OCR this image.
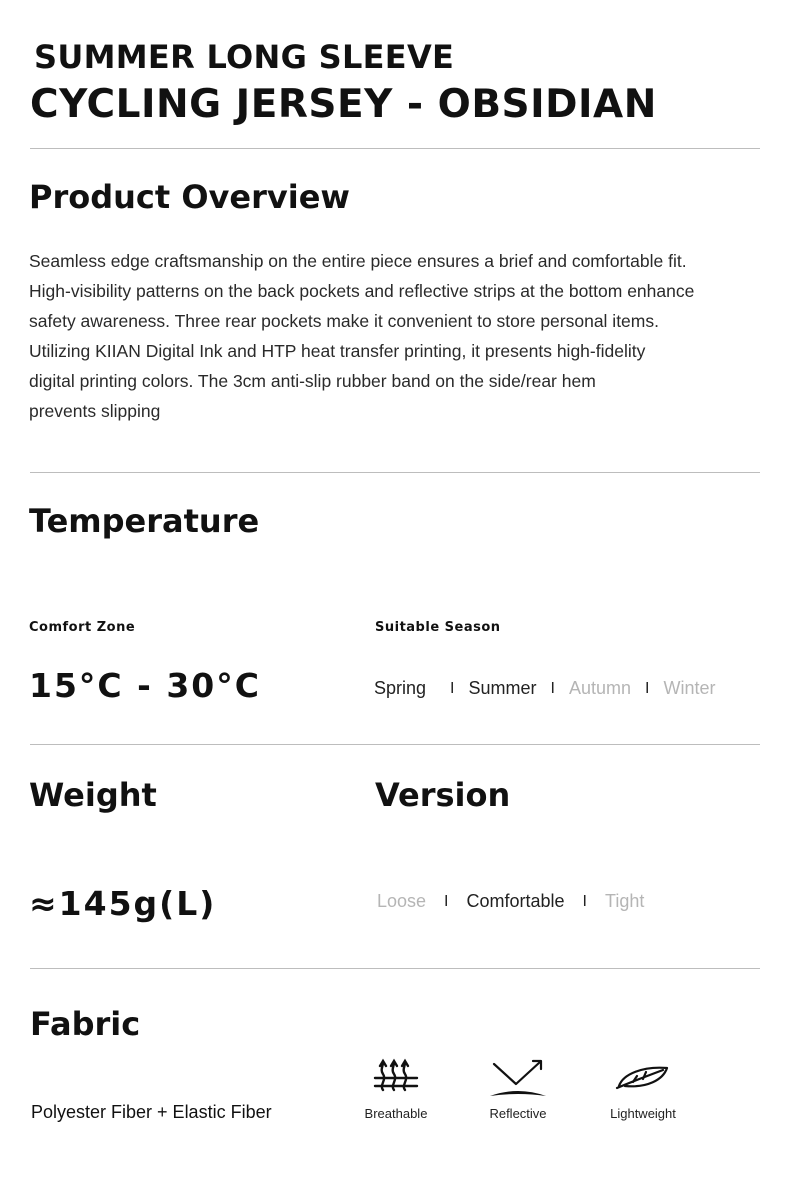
SUMMER LONG SLEEVE
CYCLING JERSEY - OBSIDIAN
Product Overview
Seamless edge craftsmanship on the entire piece ensures a brief and comfortable fit.
High-visibility patterns on the back pockets and reflective strips at the bottom enhance
safety awareness. Three rear pockets make it convenient to store personal items.
Utilizing KIIAN Digital Ink and HTP heat transfer printing, it presents high-fidelity
digital printing colors. The 3cm anti-slip rubber band on the side/rear hem
prevents slipping
Temperature
Comfort Zone
15°C - 30°C
Suitable Season
Spring I Summer I Autumn I Winter
Weight
≈145g(L)
Version
Loose I Comfortable I Tight
Fabric
Polyester Fiber + Elastic Fiber	Breathable	Reflective	Lightweight
